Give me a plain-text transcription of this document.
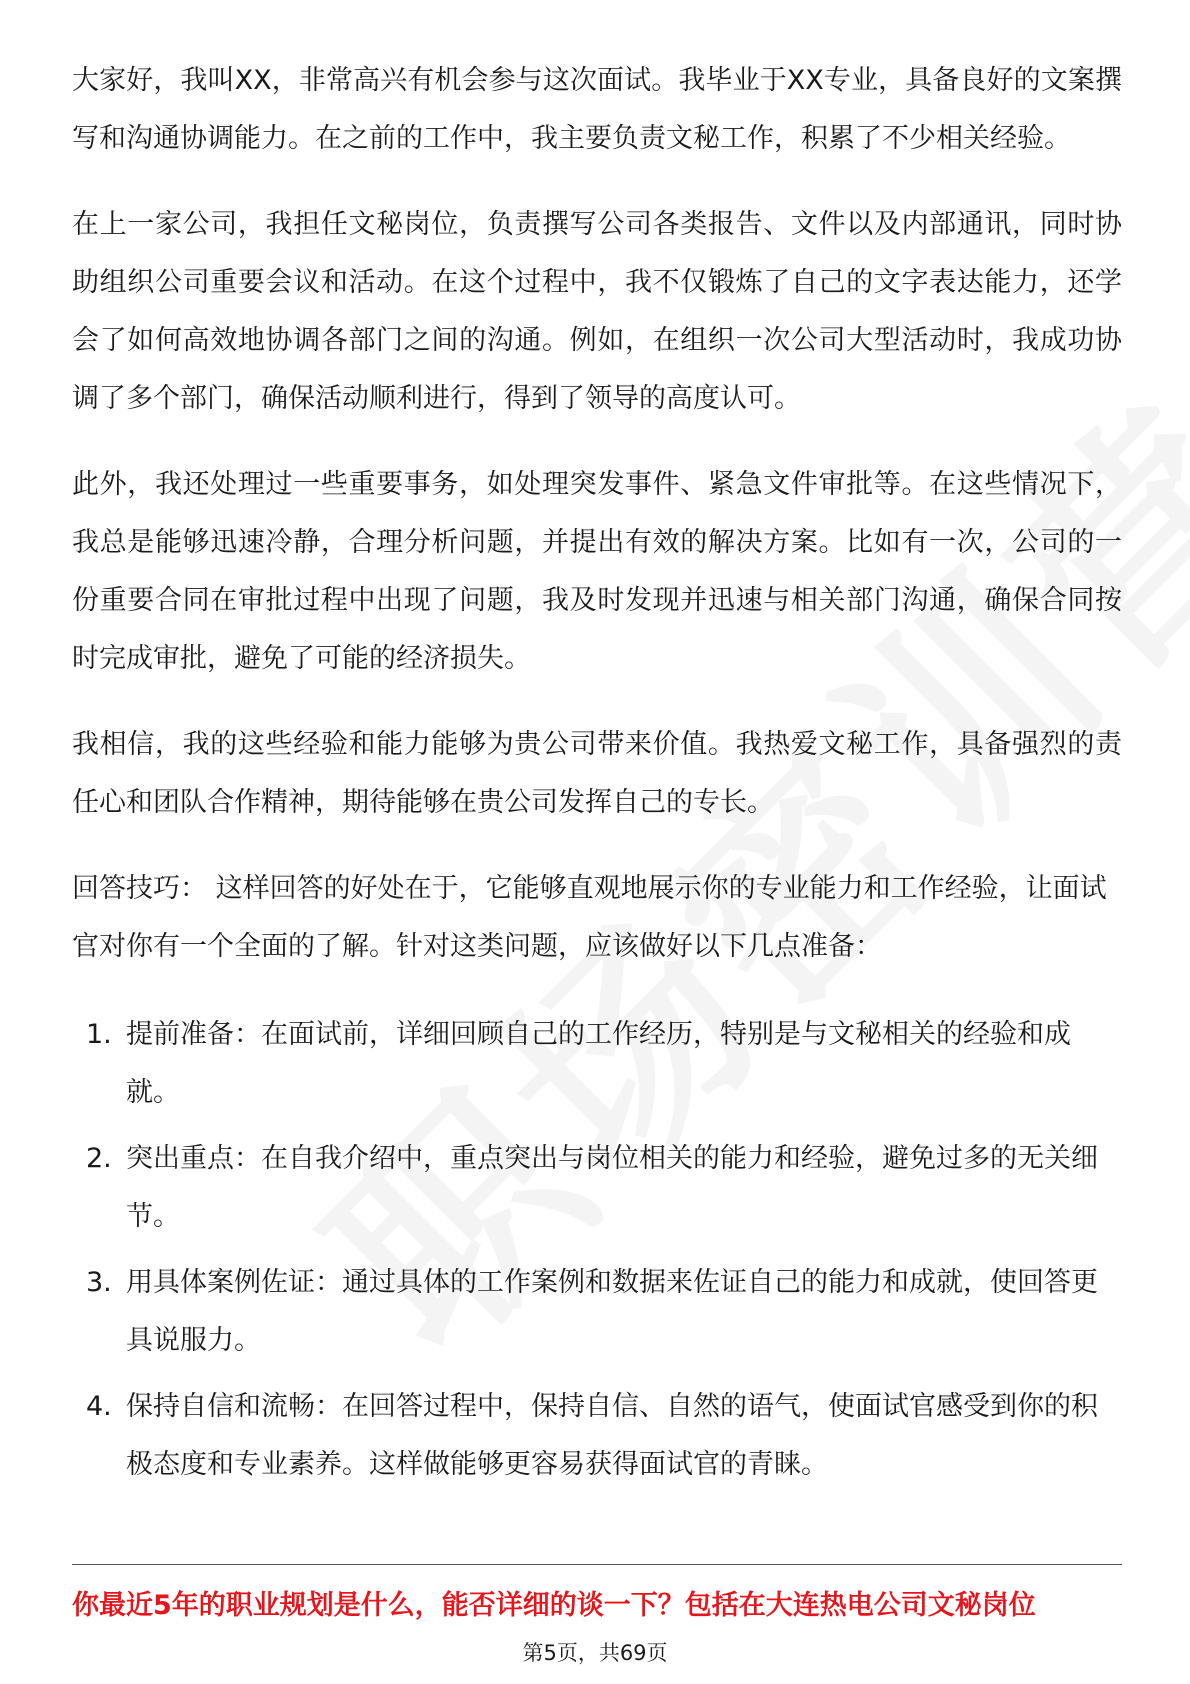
大家好，我叫XX，非常高兴有机会参与这次面试。我毕业于XX专业，具备良好的文案撰写和沟通协调能力。在之前的工作中，我主要负责文秘工作，积累了不少相关经验。

在上一家公司，我担任文秘岗位，负责撰写公司各类报告、文件以及内部通讯，同时协助组织公司重要会议和活动。在这个过程中，我不仅锻炼了自己的文字表达能力，还学会了如何高效地协调各部门之间的沟通。例如，在组织一次公司大型活动时，我成功协调了多个部门，确保活动顺利进行，得到了领导的高度认可。

此外，我还处理过一些重要事务，如处理突发事件、紧急文件审批等。在这些情况下，我总是能够迅速冷静，合理分析问题，并提出有效的解决方案。比如有一次，公司的一份重要合同在审批过程中出现了问题，我及时发现并迅速与相关部门沟通，确保合同按时完成审批，避免了可能的经济损失。

我相信，我的这些经验和能力能够为贵公司带来价值。我热爱文秘工作，具备强烈的责任心和团队合作精神，期待能够在贵公司发挥自己的专长。

回答技巧： 这样回答的好处在于，它能够直观地展示你的专业能力和工作经验，让面试官对你有一个全面的了解。针对这类问题，应该做好以下几点准备：

1. 提前准备：在面试前，详细回顾自己的工作经历，特别是与文秘相关的经验和成就。
2. 突出重点：在自我介绍中，重点突出与岗位相关的能力和经验，避免过多的无关细节。
3. 用具体案例佐证：通过具体的工作案例和数据来佐证自己的能力和成就，使回答更具说服力。
4. 保持自信和流畅：在回答过程中，保持自信、自然的语气，使面试官感受到你的积极态度和专业素养。这样做能够更容易获得面试官的青睐。
你最近5年的职业规划是什么，能否详细的谈一下？包括在大连热电公司文秘岗位
第5页，共69页
